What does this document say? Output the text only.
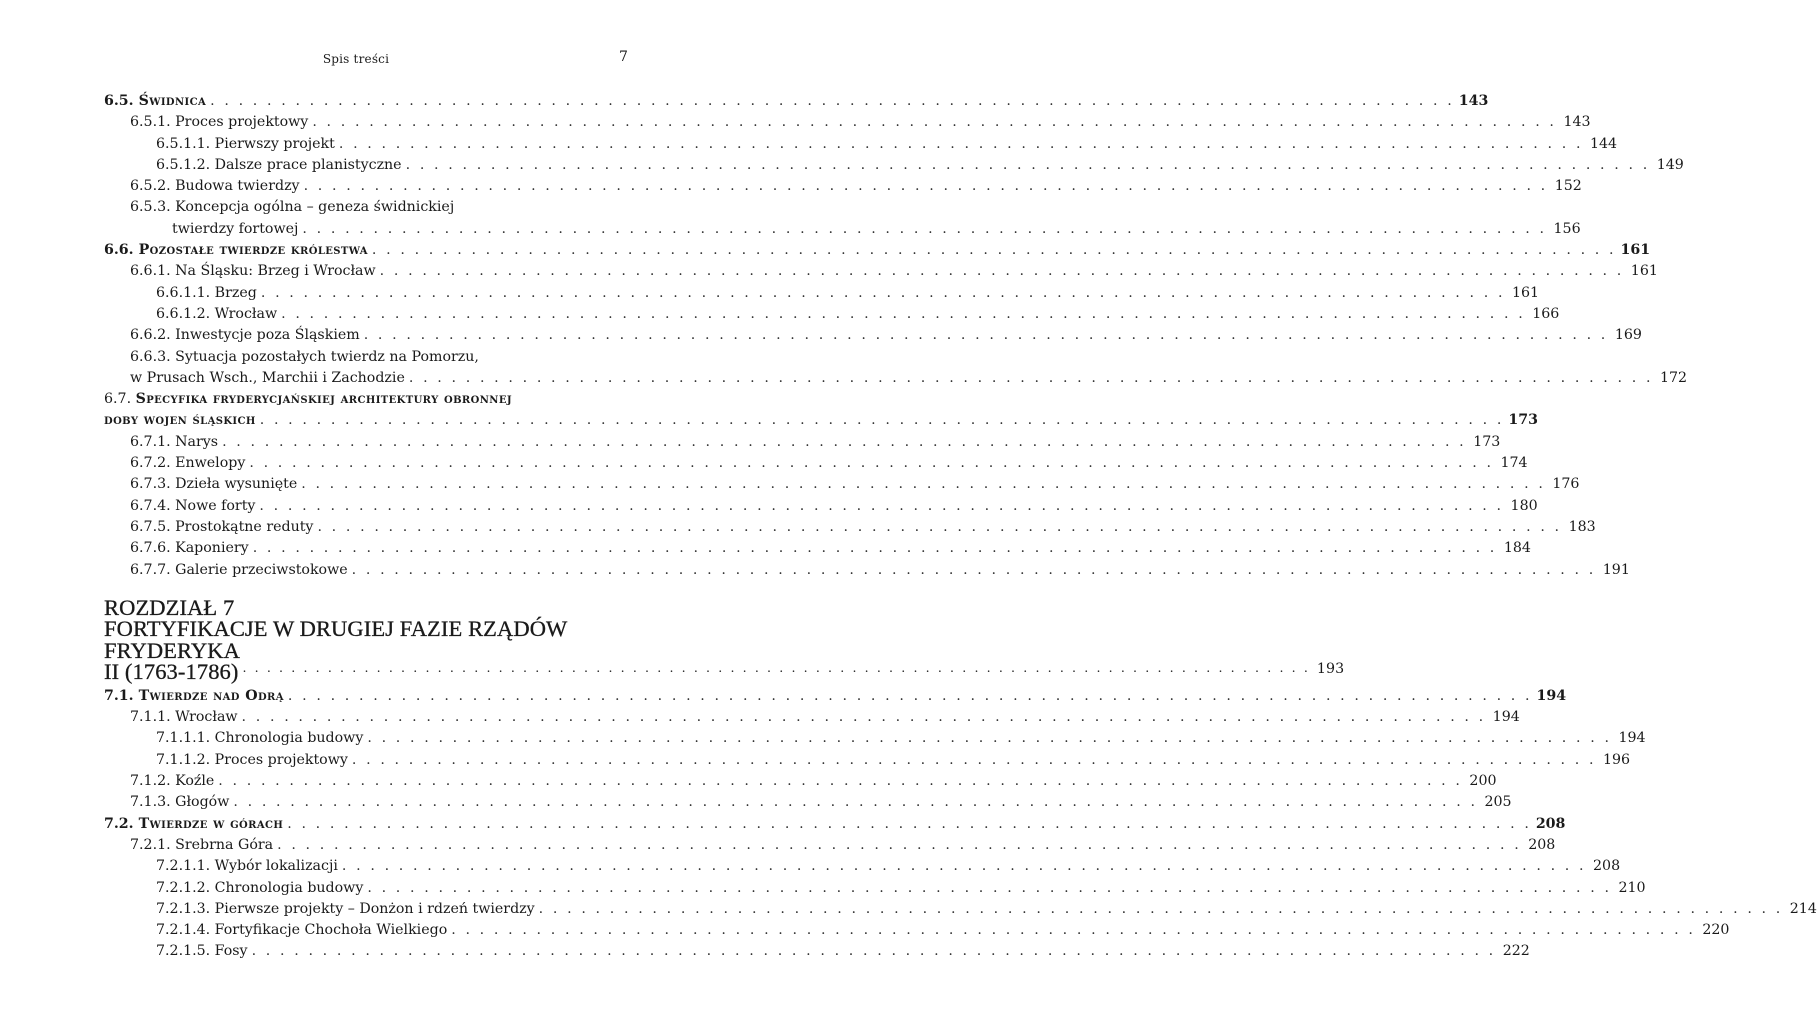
Spis treści	7
6.5. Świdnica . . . . . . . . . . . . . . . . . . . . . . . . . . . . . . . . . . . . . . . . . . . . . . . . . . . . . . . . . . . . . . . . . . . . . . . . . . . . . . . . . . . . . . . . 143
6.5.1. Proces projektowy . . . . . . . . . . . . . . . . . . . . . . . . . . . . . . . . . . . . . . . . . . . . . . . . . . . . . . . . . . . . . . . . . . . . . . . . . . . . . . . . . . . . . . . . 143
6.5.1.1. Pierwszy projekt . . . . . . . . . . . . . . . . . . . . . . . . . . . . . . . . . . . . . . . . . . . . . . . . . . . . . . . . . . . . . . . . . . . . . . . . . . . . . . . . . . . . . . . . 144
6.5.1.2. Dalsze prace planistyczne . . . . . . . . . . . . . . . . . . . . . . . . . . . . . . . . . . . . . . . . . . . . . . . . . . . . . . . . . . . . . . . . . . . . . . . . . . . . . . . . . . . . . . . . 149
6.5.2. Budowa twierdzy . . . . . . . . . . . . . . . . . . . . . . . . . . . . . . . . . . . . . . . . . . . . . . . . . . . . . . . . . . . . . . . . . . . . . . . . . . . . . . . . . . . . . . . . 152
6.5.3. Koncepcja ogólna – geneza świdnickiej
twierdzy fortowej . . . . . . . . . . . . . . . . . . . . . . . . . . . . . . . . . . . . . . . . . . . . . . . . . . . . . . . . . . . . . . . . . . . . . . . . . . . . . . . . . . . . . . . . 156
6.6. Pozostałe twierdze królestwa . . . . . . . . . . . . . . . . . . . . . . . . . . . . . . . . . . . . . . . . . . . . . . . . . . . . . . . . . . . . . . . . . . . . . . . . . . . . . . . . . . . . . . . . 161
6.6.1. Na Śląsku: Brzeg i Wrocław . . . . . . . . . . . . . . . . . . . . . . . . . . . . . . . . . . . . . . . . . . . . . . . . . . . . . . . . . . . . . . . . . . . . . . . . . . . . . . . . . . . . . . . . 161
6.6.1.1. Brzeg . . . . . . . . . . . . . . . . . . . . . . . . . . . . . . . . . . . . . . . . . . . . . . . . . . . . . . . . . . . . . . . . . . . . . . . . . . . . . . . . . . . . . . . . 161
6.6.1.2. Wrocław . . . . . . . . . . . . . . . . . . . . . . . . . . . . . . . . . . . . . . . . . . . . . . . . . . . . . . . . . . . . . . . . . . . . . . . . . . . . . . . . . . . . . . . . 166
6.6.2. Inwestycje poza Śląskiem . . . . . . . . . . . . . . . . . . . . . . . . . . . . . . . . . . . . . . . . . . . . . . . . . . . . . . . . . . . . . . . . . . . . . . . . . . . . . . . . . . . . . . . . 169
6.6.3. Sytuacja pozostałych twierdz na Pomorzu,
w Prusach Wsch., Marchii i Zachodzie . . . . . . . . . . . . . . . . . . . . . . . . . . . . . . . . . . . . . . . . . . . . . . . . . . . . . . . . . . . . . . . . . . . . . . . . . . . . . . . . . . . . . . . . 172
6.7. Specyfika fryderycjańskiej architektury obronnej
doby wojen śląskich . . . . . . . . . . . . . . . . . . . . . . . . . . . . . . . . . . . . . . . . . . . . . . . . . . . . . . . . . . . . . . . . . . . . . . . . . . . . . . . . . . . . . . . . 173
6.7.1. Narys . . . . . . . . . . . . . . . . . . . . . . . . . . . . . . . . . . . . . . . . . . . . . . . . . . . . . . . . . . . . . . . . . . . . . . . . . . . . . . . . . . . . . . . . 173
6.7.2. Enwelopy . . . . . . . . . . . . . . . . . . . . . . . . . . . . . . . . . . . . . . . . . . . . . . . . . . . . . . . . . . . . . . . . . . . . . . . . . . . . . . . . . . . . . . . . 174
6.7.3. Dzieła wysunięte . . . . . . . . . . . . . . . . . . . . . . . . . . . . . . . . . . . . . . . . . . . . . . . . . . . . . . . . . . . . . . . . . . . . . . . . . . . . . . . . . . . . . . . . 176
6.7.4. Nowe forty . . . . . . . . . . . . . . . . . . . . . . . . . . . . . . . . . . . . . . . . . . . . . . . . . . . . . . . . . . . . . . . . . . . . . . . . . . . . . . . . . . . . . . . . 180
6.7.5. Prostokątne reduty . . . . . . . . . . . . . . . . . . . . . . . . . . . . . . . . . . . . . . . . . . . . . . . . . . . . . . . . . . . . . . . . . . . . . . . . . . . . . . . . . . . . . . . . 183
6.7.6. Kaponiery . . . . . . . . . . . . . . . . . . . . . . . . . . . . . . . . . . . . . . . . . . . . . . . . . . . . . . . . . . . . . . . . . . . . . . . . . . . . . . . . . . . . . . . . 184
6.7.7. Galerie przeciwstokowe . . . . . . . . . . . . . . . . . . . . . . . . . . . . . . . . . . . . . . . . . . . . . . . . . . . . . . . . . . . . . . . . . . . . . . . . . . . . . . . . . . . . . . . . 191
ROZDZIAŁ 7
FORTYFIKACJE W DRUGIEJ FAZIE RZĄDÓW
FRYDERYKA II (1763-1786) . . . . . . . . . . . . . . . . . . . . . . . . . . . . . . . . . . . . . . . . . . . . . . . . . . . . . . . . . . . . . . . . . . . . . . . . . . . . . . . . . . . . . . . . 193
7.1. Twierdze nad Odrą . . . . . . . . . . . . . . . . . . . . . . . . . . . . . . . . . . . . . . . . . . . . . . . . . . . . . . . . . . . . . . . . . . . . . . . . . . . . . . . . . . . . . . . . 194
7.1.1. Wrocław . . . . . . . . . . . . . . . . . . . . . . . . . . . . . . . . . . . . . . . . . . . . . . . . . . . . . . . . . . . . . . . . . . . . . . . . . . . . . . . . . . . . . . . . 194
7.1.1.1. Chronologia budowy . . . . . . . . . . . . . . . . . . . . . . . . . . . . . . . . . . . . . . . . . . . . . . . . . . . . . . . . . . . . . . . . . . . . . . . . . . . . . . . . . . . . . . . . 194
7.1.1.2. Proces projektowy . . . . . . . . . . . . . . . . . . . . . . . . . . . . . . . . . . . . . . . . . . . . . . . . . . . . . . . . . . . . . . . . . . . . . . . . . . . . . . . . . . . . . . . . 196
7.1.2. Koźle . . . . . . . . . . . . . . . . . . . . . . . . . . . . . . . . . . . . . . . . . . . . . . . . . . . . . . . . . . . . . . . . . . . . . . . . . . . . . . . . . . . . . . . . 200
7.1.3. Głogów . . . . . . . . . . . . . . . . . . . . . . . . . . . . . . . . . . . . . . . . . . . . . . . . . . . . . . . . . . . . . . . . . . . . . . . . . . . . . . . . . . . . . . . . 205
7.2. Twierdze w górach . . . . . . . . . . . . . . . . . . . . . . . . . . . . . . . . . . . . . . . . . . . . . . . . . . . . . . . . . . . . . . . . . . . . . . . . . . . . . . . . . . . . . . . . 208
7.2.1. Srebrna Góra . . . . . . . . . . . . . . . . . . . . . . . . . . . . . . . . . . . . . . . . . . . . . . . . . . . . . . . . . . . . . . . . . . . . . . . . . . . . . . . . . . . . . . . . 208
7.2.1.1. Wybór lokalizacji . . . . . . . . . . . . . . . . . . . . . . . . . . . . . . . . . . . . . . . . . . . . . . . . . . . . . . . . . . . . . . . . . . . . . . . . . . . . . . . . . . . . . . . . 208
7.2.1.2. Chronologia budowy . . . . . . . . . . . . . . . . . . . . . . . . . . . . . . . . . . . . . . . . . . . . . . . . . . . . . . . . . . . . . . . . . . . . . . . . . . . . . . . . . . . . . . . . 210
7.2.1.3. Pierwsze projekty – Donżon i rdzeń twierdzy . . . . . . . . . . . . . . . . . . . . . . . . . . . . . . . . . . . . . . . . . . . . . . . . . . . . . . . . . . . . . . . . . . . . . . . . . . . . . . . . . . . . . . . . 214
7.2.1.4. Fortyfikacje Chochoła Wielkiego . . . . . . . . . . . . . . . . . . . . . . . . . . . . . . . . . . . . . . . . . . . . . . . . . . . . . . . . . . . . . . . . . . . . . . . . . . . . . . . . . . . . . . . . 220
7.2.1.5. Fosy . . . . . . . . . . . . . . . . . . . . . . . . . . . . . . . . . . . . . . . . . . . . . . . . . . . . . . . . . . . . . . . . . . . . . . . . . . . . . . . . . . . . . . . . 222
